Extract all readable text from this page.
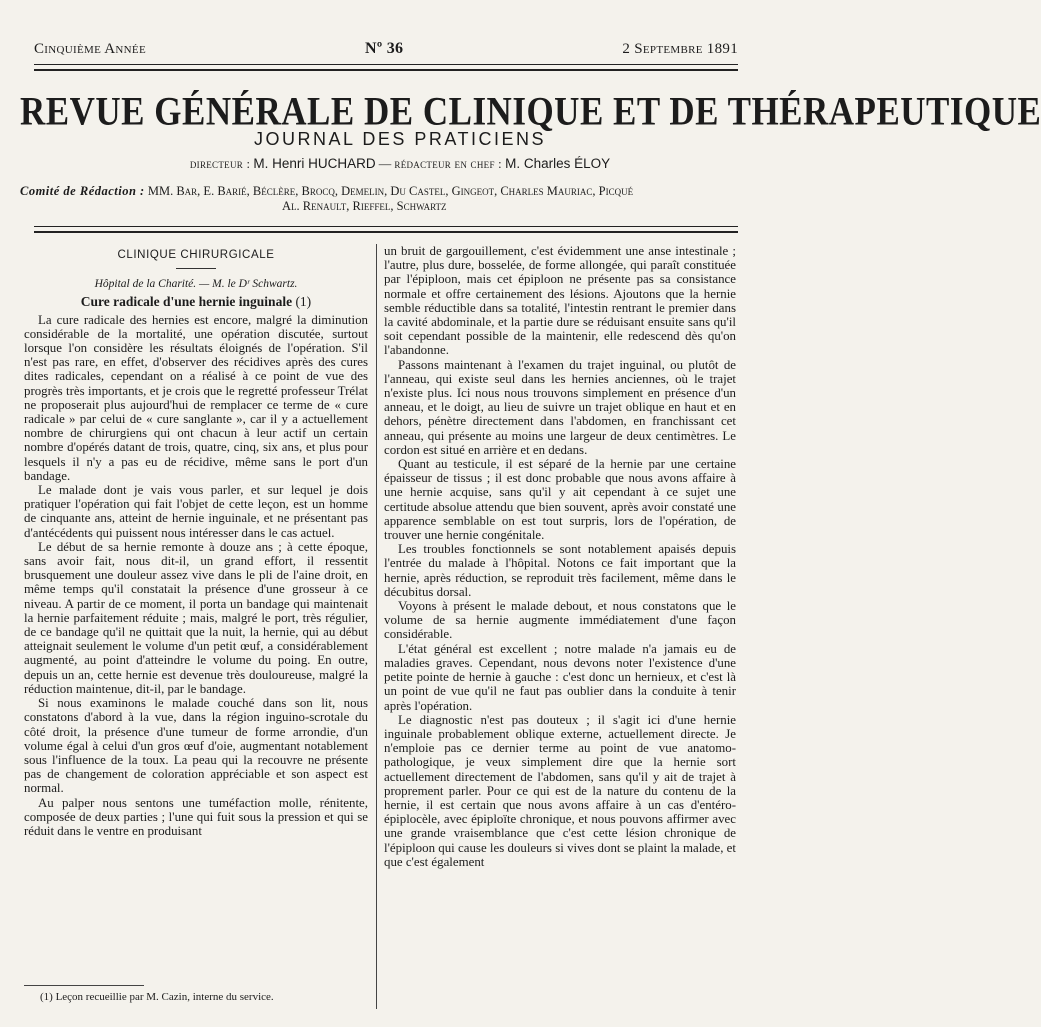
Cinquième Année	Nº 36	2 Septembre 1891
REVUE GÉNÉRALE DE CLINIQUE ET DE THÉRAPEUTIQUE
JOURNAL DES PRATICIENS
directeur : M. Henri HUCHARD — rédacteur en chef : M. Charles ÉLOY
Comité de Rédaction : MM. Bar, E. Barié, Béclère, Brocq, Demelin, Du Castel, Gingeot, Charles Mauriac, Picqué
Al. Renault, Rieffel, Schwartz
CLINIQUE CHIRURGICALE
Hôpital de la Charité. — M. le Dʳ Schwartz.
Cure radicale d'une hernie inguinale (1)

La cure radicale des hernies est encore, malgré la diminution considérable de la mortalité, une opération discutée, surtout lorsque l'on considère les résultats éloignés de l'opération. S'il n'est pas rare, en effet, d'observer des récidives après des cures dites radicales, cependant on a réalisé à ce point de vue des progrès très importants, et je crois que le regretté professeur Trélat ne proposerait plus aujourd'hui de remplacer ce terme de « cure radicale » par celui de « cure sanglante », car il y a actuellement nombre de chirurgiens qui ont chacun à leur actif un certain nombre d'opérés datant de trois, quatre, cinq, six ans, et plus pour lesquels il n'y a pas eu de récidive, même sans le port d'un bandage.

Le malade dont je vais vous parler, et sur lequel je dois pratiquer l'opération qui fait l'objet de cette leçon, est un homme de cinquante ans, atteint de hernie inguinale, et ne présentant pas d'antécédents qui puissent nous intéresser dans le cas actuel.

Le début de sa hernie remonte à douze ans ; à cette époque, sans avoir fait, nous dit-il, un grand effort, il ressentit brusquement une douleur assez vive dans le pli de l'aine droit, en même temps qu'il constatait la présence d'une grosseur à ce niveau. A partir de ce moment, il porta un bandage qui maintenait la hernie parfaitement réduite ; mais, malgré le port, très régulier, de ce bandage qu'il ne quittait que la nuit, la hernie, qui au début atteignait seulement le volume d'un petit œuf, a considérablement augmenté, au point d'atteindre le volume du poing. En outre, depuis un an, cette hernie est devenue très douloureuse, malgré la réduction maintenue, dit-il, par le bandage.

Si nous examinons le malade couché dans son lit, nous constatons d'abord à la vue, dans la région inguino-scrotale du côté droit, la présence d'une tumeur de forme arrondie, d'un volume égal à celui d'un gros œuf d'oie, augmentant notablement sous l'influence de la toux. La peau qui la recouvre ne présente pas de changement de coloration appréciable et son aspect est normal.

Au palper nous sentons une tuméfaction molle, rénitente, composée de deux parties ; l'une qui fuit sous la pression et qui se réduit dans le ventre en produisant

un bruit de gargouillement, c'est évidemment une anse intestinale ; l'autre, plus dure, bosselée, de forme allongée, qui paraît constituée par l'épiploon, mais cet épiploon ne présente pas sa consistance normale et offre certainement des lésions. Ajoutons que la hernie semble réductible dans sa totalité, l'intestin rentrant le premier dans la cavité abdominale, et la partie dure se réduisant ensuite sans qu'il soit cependant possible de la maintenir, elle redescend dès qu'on l'abandonne.

Passons maintenant à l'examen du trajet inguinal, ou plutôt de l'anneau, qui existe seul dans les hernies anciennes, où le trajet n'existe plus. Ici nous nous trouvons simplement en présence d'un anneau, et le doigt, au lieu de suivre un trajet oblique en haut et en dehors, pénètre directement dans l'abdomen, en franchissant cet anneau, qui présente au moins une largeur de deux centimètres. Le cordon est situé en arrière et en dedans.

Quant au testicule, il est séparé de la hernie par une certaine épaisseur de tissus ; il est donc probable que nous avons affaire à une hernie acquise, sans qu'il y ait cependant à ce sujet une certitude absolue attendu que bien souvent, après avoir constaté une apparence semblable on est tout surpris, lors de l'opération, de trouver une hernie congénitale.

Les troubles fonctionnels se sont notablement apaisés depuis l'entrée du malade à l'hôpital. Notons ce fait important que la hernie, après réduction, se reproduit très facilement, même dans le décubitus dorsal.

Voyons à présent le malade debout, et nous constatons que le volume de sa hernie augmente immédiatement d'une façon considérable.

L'état général est excellent ; notre malade n'a jamais eu de maladies graves. Cependant, nous devons noter l'existence d'une petite pointe de hernie à gauche : c'est donc un hernieux, et c'est là un point de vue qu'il ne faut pas oublier dans la conduite à tenir après l'opération.

Le diagnostic n'est pas douteux ; il s'agit ici d'une hernie inguinale probablement oblique externe, actuellement directe. Je n'emploie pas ce dernier terme au point de vue anatomo-pathologique, je veux simplement dire que la hernie sort actuellement directement de l'abdomen, sans qu'il y ait de trajet à proprement parler. Pour ce qui est de la nature du contenu de la hernie, il est certain que nous avons affaire à un cas d'entéro-épiplocèle, avec épiploïte chronique, et nous pouvons affirmer avec une grande vraisemblance que c'est cette lésion chronique de l'épiploon qui cause les douleurs si vives dont se plaint la malade, et que c'est également

(1) Leçon recueillie par M. Cazin, interne du service.
